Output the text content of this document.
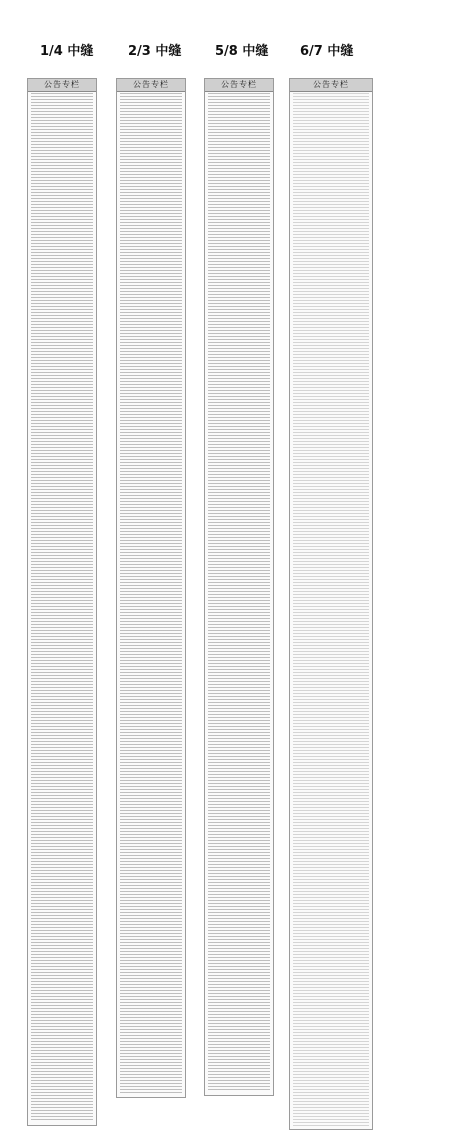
1/4 中缝	2/3 中缝	5/8 中缝 6/7 中缝
公告专栏	公告专栏	公告专栏	公告专栏
